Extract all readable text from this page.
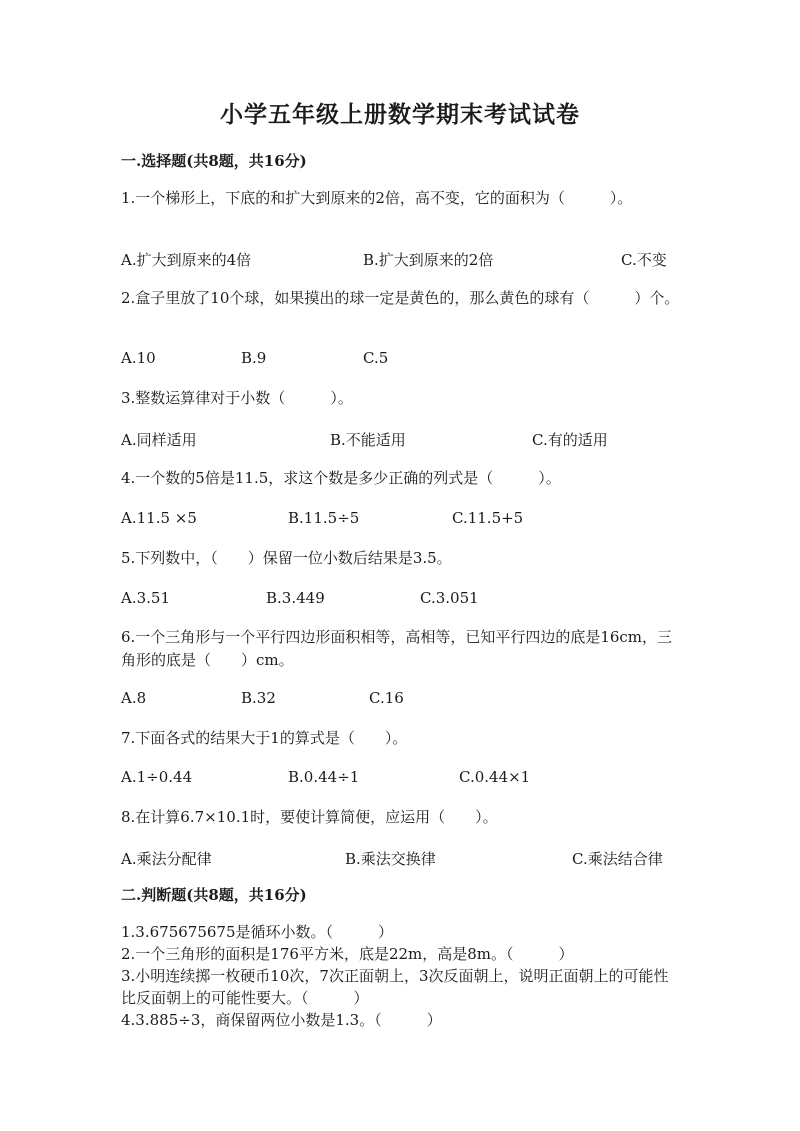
小学五年级上册数学期末考试试卷
一.选择题(共8题，共16分)
1.一个梯形上，下底的和扩大到原来的2倍，高不变，它的面积为（　　　）。
A.扩大到原来的4倍	B.扩大到原来的2倍	C.不变
2.盒子里放了10个球，如果摸出的球一定是黄色的，那么黄色的球有（　　　）个。
A.10	B.9	C.5
3.整数运算律对于小数（　　　）。
A.同样适用	B.不能适用	C.有的适用
4.一个数的5倍是11.5，求这个数是多少正确的列式是（　　　）。
A.11.5 ×5	B.11.5÷5	C.11.5+5
5.下列数中，（　　）保留一位小数后结果是3.5。
A.3.51	B.3.449	C.3.051
6.一个三角形与一个平行四边形面积相等，高相等，已知平行四边的底是16cm，三角形的底是（　　）cm。
A.8	B.32	C.16
7.下面各式的结果大于1的算式是（　　）。
A.1÷0.44	B.0.44÷1	C.0.44×1
8.在计算6.7×10.1时，要使计算简便，应运用（　　）。
A.乘法分配律	B.乘法交换律	C.乘法结合律
二.判断题(共8题，共16分)
1.3.675675675是循环小数。（　　　）
2.一个三角形的面积是176平方米，底是22m，高是8m。（　　　）
3.小明连续掷一枚硬币10次，7次正面朝上，3次反面朝上，说明正面朝上的可能性比反面朝上的可能性要大。（　　　）
4.3.885÷3，商保留两位小数是1.3。（　　　）
